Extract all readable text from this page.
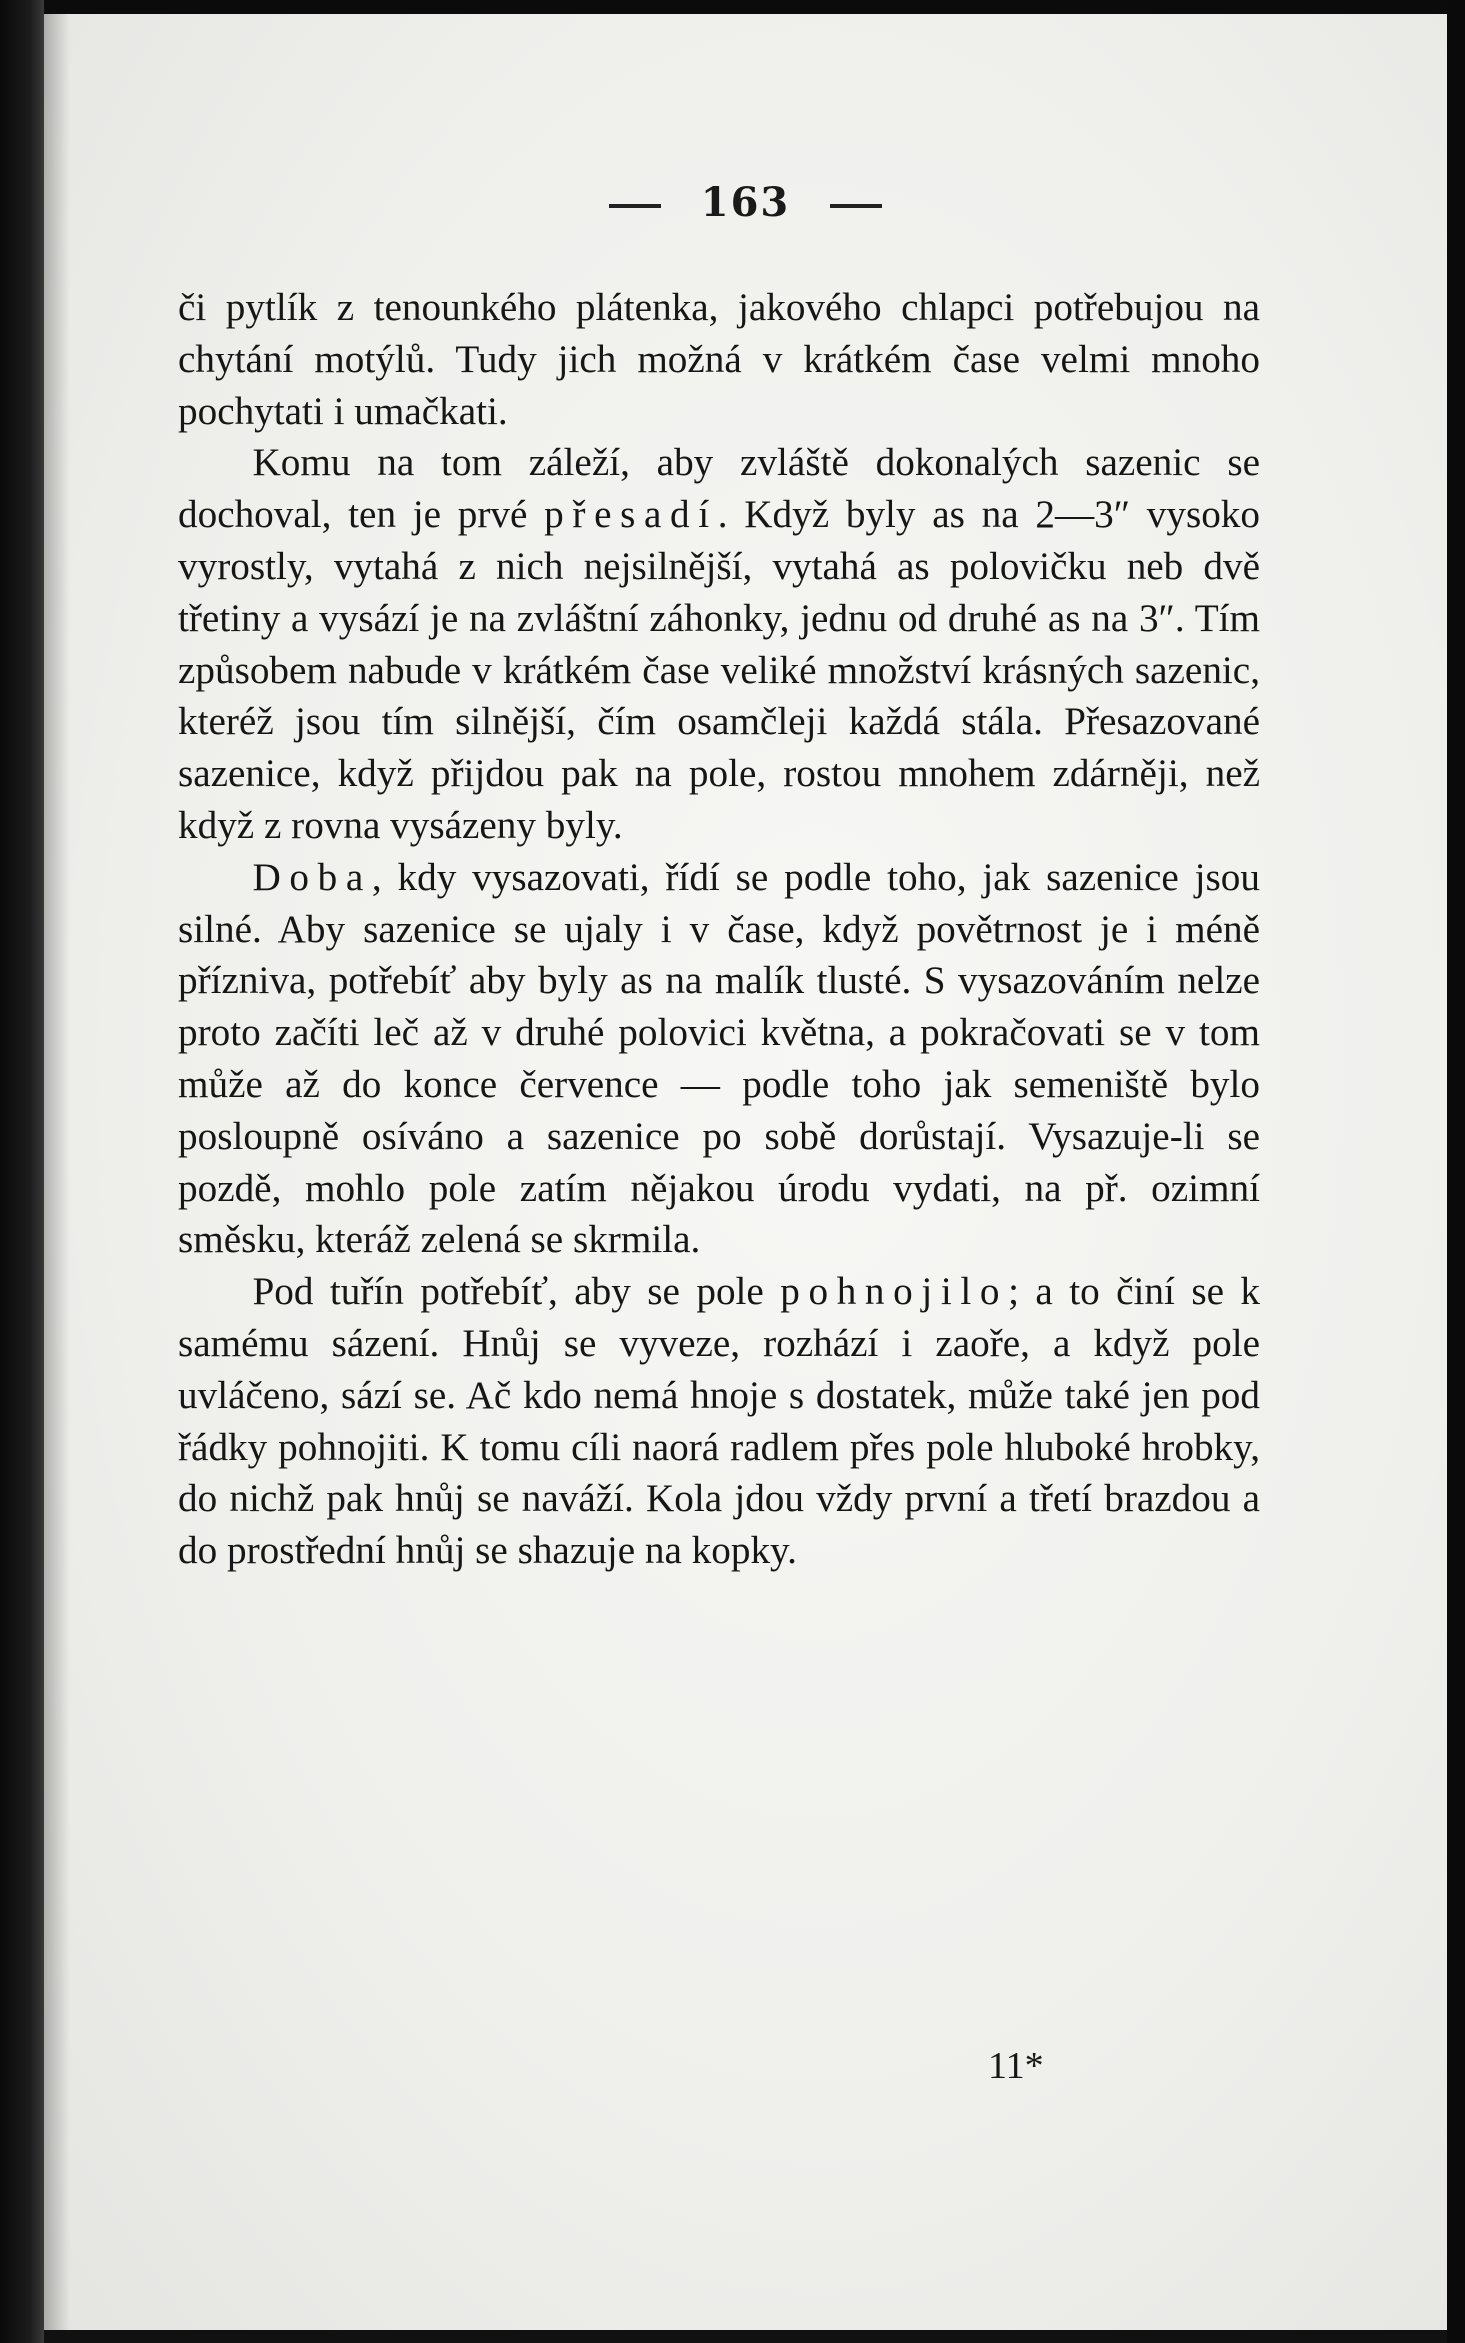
163

či pytlík z tenounkého plátenka, jakového chlapci potřebujou na chytání motýlů. Tudy jich možná v krátkém čase velmi mnoho pochytati i umačkati.

Komu na tom záleží, aby zvláště dokonalých sazenic se dochoval, ten je prvé přesadí. Když byly as na 2—3″ vysoko vyrostly, vytahá z nich nejsilnější, vytahá as polovičku neb dvě třetiny a vysází je na zvláštní záhonky, jednu od druhé as na 3″. Tím způsobem nabude v krátkém čase veliké množství krásných sazenic, kteréž jsou tím silnější, čím osamčleji každá stála. Přesazované sazenice, když přijdou pak na pole, rostou mnohem zdárněji, než když z rovna vysázeny byly.

Doba, kdy vysazovati, řídí se podle toho, jak sazenice jsou silné. Aby sazenice se ujaly i v čase, když povětrnost je i méně přízniva, potřebíť aby byly as na malík tlusté. S vysazováním nelze proto začíti leč až v druhé polovici května, a pokračovati se v tom může až do konce července — podle toho jak semeniště bylo posloupně osíváno a sazenice po sobě dorůstají. Vysazuje-li se pozdě, mohlo pole zatím nějakou úrodu vydati, na př. ozimní směsku, kteráž zelená se skrmila.

Pod tuřín potřebíť, aby se pole pohnojilo; a to činí se k samému sázení. Hnůj se vyveze, rozhází i zaoře, a když pole uvláčeno, sází se. Ač kdo nemá hnoje s dostatek, může také jen pod řádky pohnojiti. K tomu cíli naorá radlem přes pole hluboké hrobky, do nichž pak hnůj se naváží. Kola jdou vždy první a třetí brazdou a do prostřední hnůj se shazuje na kopky.

11*
